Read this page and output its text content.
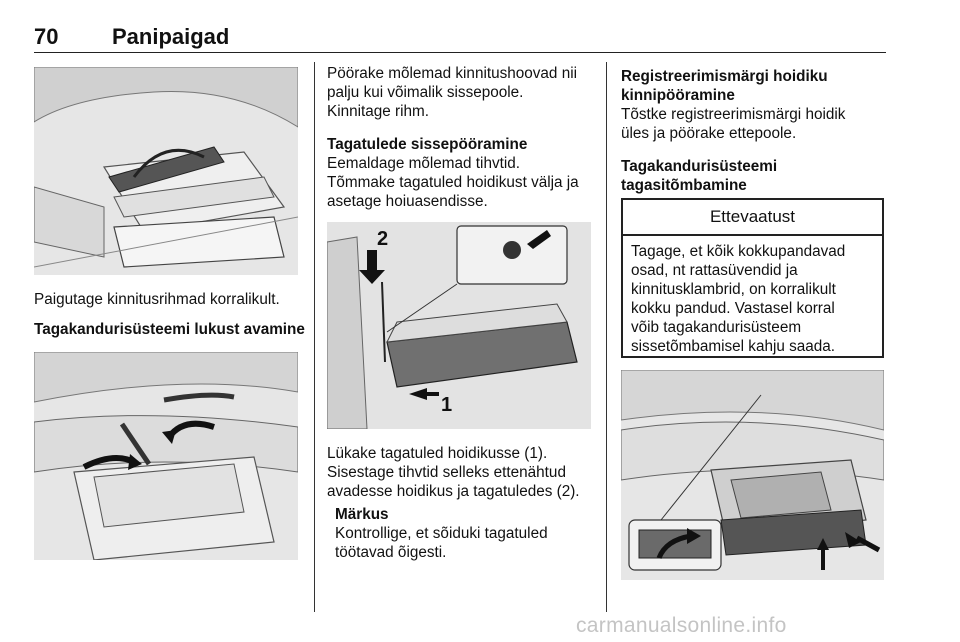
70 Panipaigad
Paigutage kinnitusrihmad korralikult.
Tagakandurisüsteemi lukust avamine
Pöörake mõlemad kinnitushoovad nii
palju kui võimalik sissepoole.
Kinnitage rihm.
Tagatulede sissepööramine
Eemaldage mõlemad tihvtid.
Tõmmake tagatuled hoidikust välja ja
asetage hoiuasendisse.
2
1
Lükake tagatuled hoidikusse (1).
Sisestage tihvtid selleks ettenähtud
avadesse hoidikus ja tagatuledes (2).
Märkus
Kontrollige, et sõiduki tagatuled
töötavad õigesti.
Registreerimismärgi hoidiku
kinnipööramine
Tõstke registreerimismärgi hoidik
üles ja pöörake ettepoole.
Tagakandurisüsteemi
tagasitõmbamine
Ettevaatust
Tagage, et kõik kokkupandavad
osad, nt rattasüvendid ja
kinnitusklambrid, on korralikult
kokku pandud. Vastasel korral
võib tagakandurisüsteem
sissetõmbamisel kahju saada.
carmanualsonline.info
